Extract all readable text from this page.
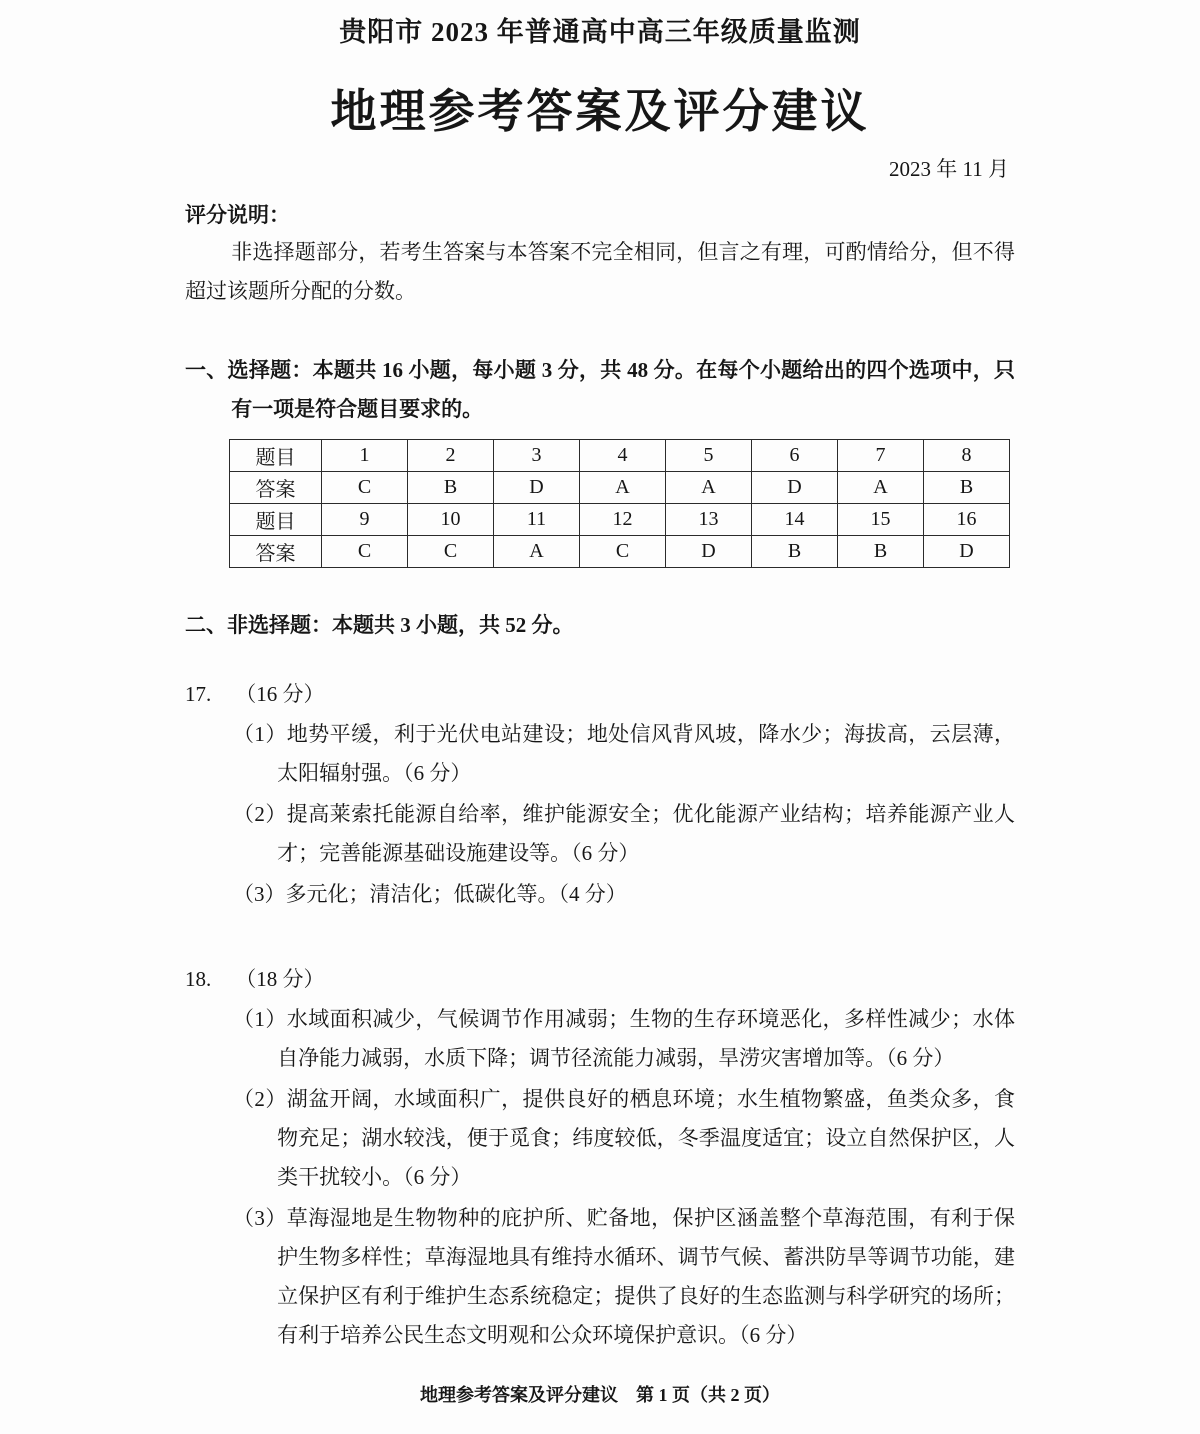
贵阳市 2023 年普通高中高三年级质量监测
地理参考答案及评分建议
2023 年 11 月
评分说明：

非选择题部分，若考生答案与本答案不完全相同，但言之有理，可酌情给分，但不得超过该题所分配的分数。

一、选择题：本题共 16 小题，每小题 3 分，共 48 分。在每个小题给出的四个选项中，只有一项是符合题目要求的。
题目	1	2	3	4	5	6	7	8
答案	C	B	D	A	A	D	A	B
题目	9	10	11	12	13	14	15	16
答案	C	C	A	C	D	B	B	D
二、非选择题：本题共 3 小题，共 52 分。
17. （16 分）

（1）地势平缓，利于光伏电站建设；地处信风背风坡，降水少；海拔高，云层薄，太阳辐射强。（6 分）

（2）提高莱索托能源自给率，维护能源安全；优化能源产业结构；培养能源产业人才；完善能源基础设施建设等。（6 分）

（3）多元化；清洁化；低碳化等。（4 分）

18. （18 分）

（1）水域面积减少，气候调节作用减弱；生物的生存环境恶化，多样性减少；水体自净能力减弱，水质下降；调节径流能力减弱，旱涝灾害增加等。（6 分）

（2）湖盆开阔，水域面积广，提供良好的栖息环境；水生植物繁盛，鱼类众多，食物充足；湖水较浅，便于觅食；纬度较低，冬季温度适宜；设立自然保护区，人类干扰较小。（6 分）

（3）草海湿地是生物物种的庇护所、贮备地，保护区涵盖整个草海范围，有利于保护生物多样性；草海湿地具有维持水循环、调节气候、蓄洪防旱等调节功能，建立保护区有利于维护生态系统稳定；提供了良好的生态监测与科学研究的场所；有利于培养公民生态文明观和公众环境保护意识。（6 分）

地理参考答案及评分建议　第 1 页（共 2 页）
